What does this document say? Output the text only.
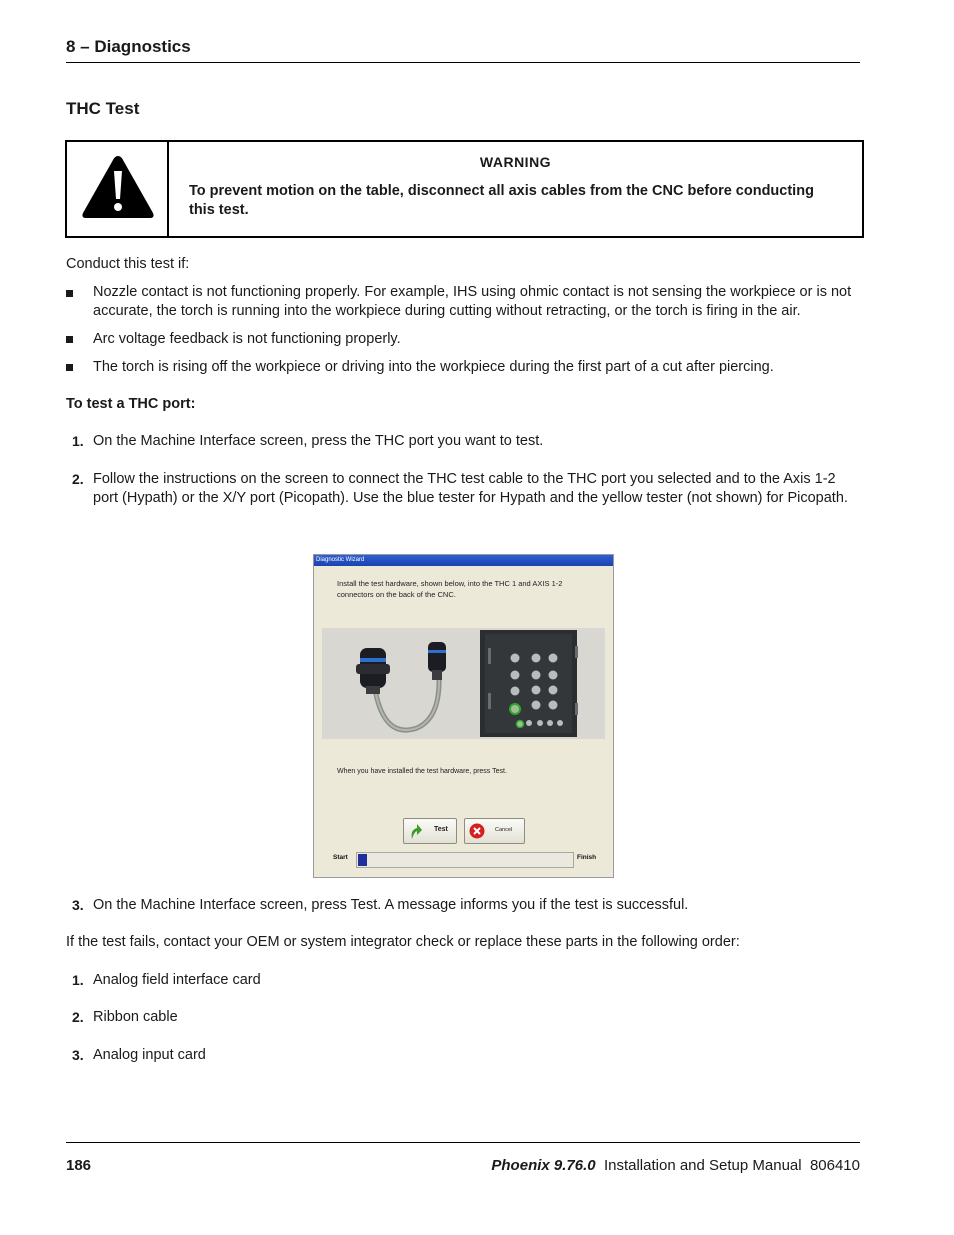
8 – Diagnostics
THC Test
WARNING
To prevent motion on the table, disconnect all axis cables from the CNC before conducting this test.
Conduct this test if:
Nozzle contact is not functioning properly. For example, IHS using ohmic contact is not sensing the workpiece or is not accurate, the torch is running into the workpiece during cutting without retracting, or the torch is firing in the air.
Arc voltage feedback is not functioning properly.
The torch is rising off the workpiece or driving into the workpiece during the first part of a cut after piercing.
To test a THC port:
1. On the Machine Interface screen, press the THC port you want to test.
2. Follow the instructions on the screen to connect the THC test cable to the THC port you selected and to the Axis 1-2 port (Hypath) or the X/Y port (Picopath). Use the blue tester for Hypath and the yellow tester (not shown) for Picopath.
Diagnostic Wizard
Install the test hardware, shown below, into the THC 1 and AXIS 1-2 connectors on the back of the CNC.
When you have installed the test hardware, press Test.
Test	Cancel
Start	Finish
3. On the Machine Interface screen, press Test. A message informs you if the test is successful.
If the test fails, contact your OEM or system integrator check or replace these parts in the following order:
1. Analog field interface card
2. Ribbon cable
3. Analog input card
186	Phoenix 9.76.0 Installation and Setup Manual 806410
